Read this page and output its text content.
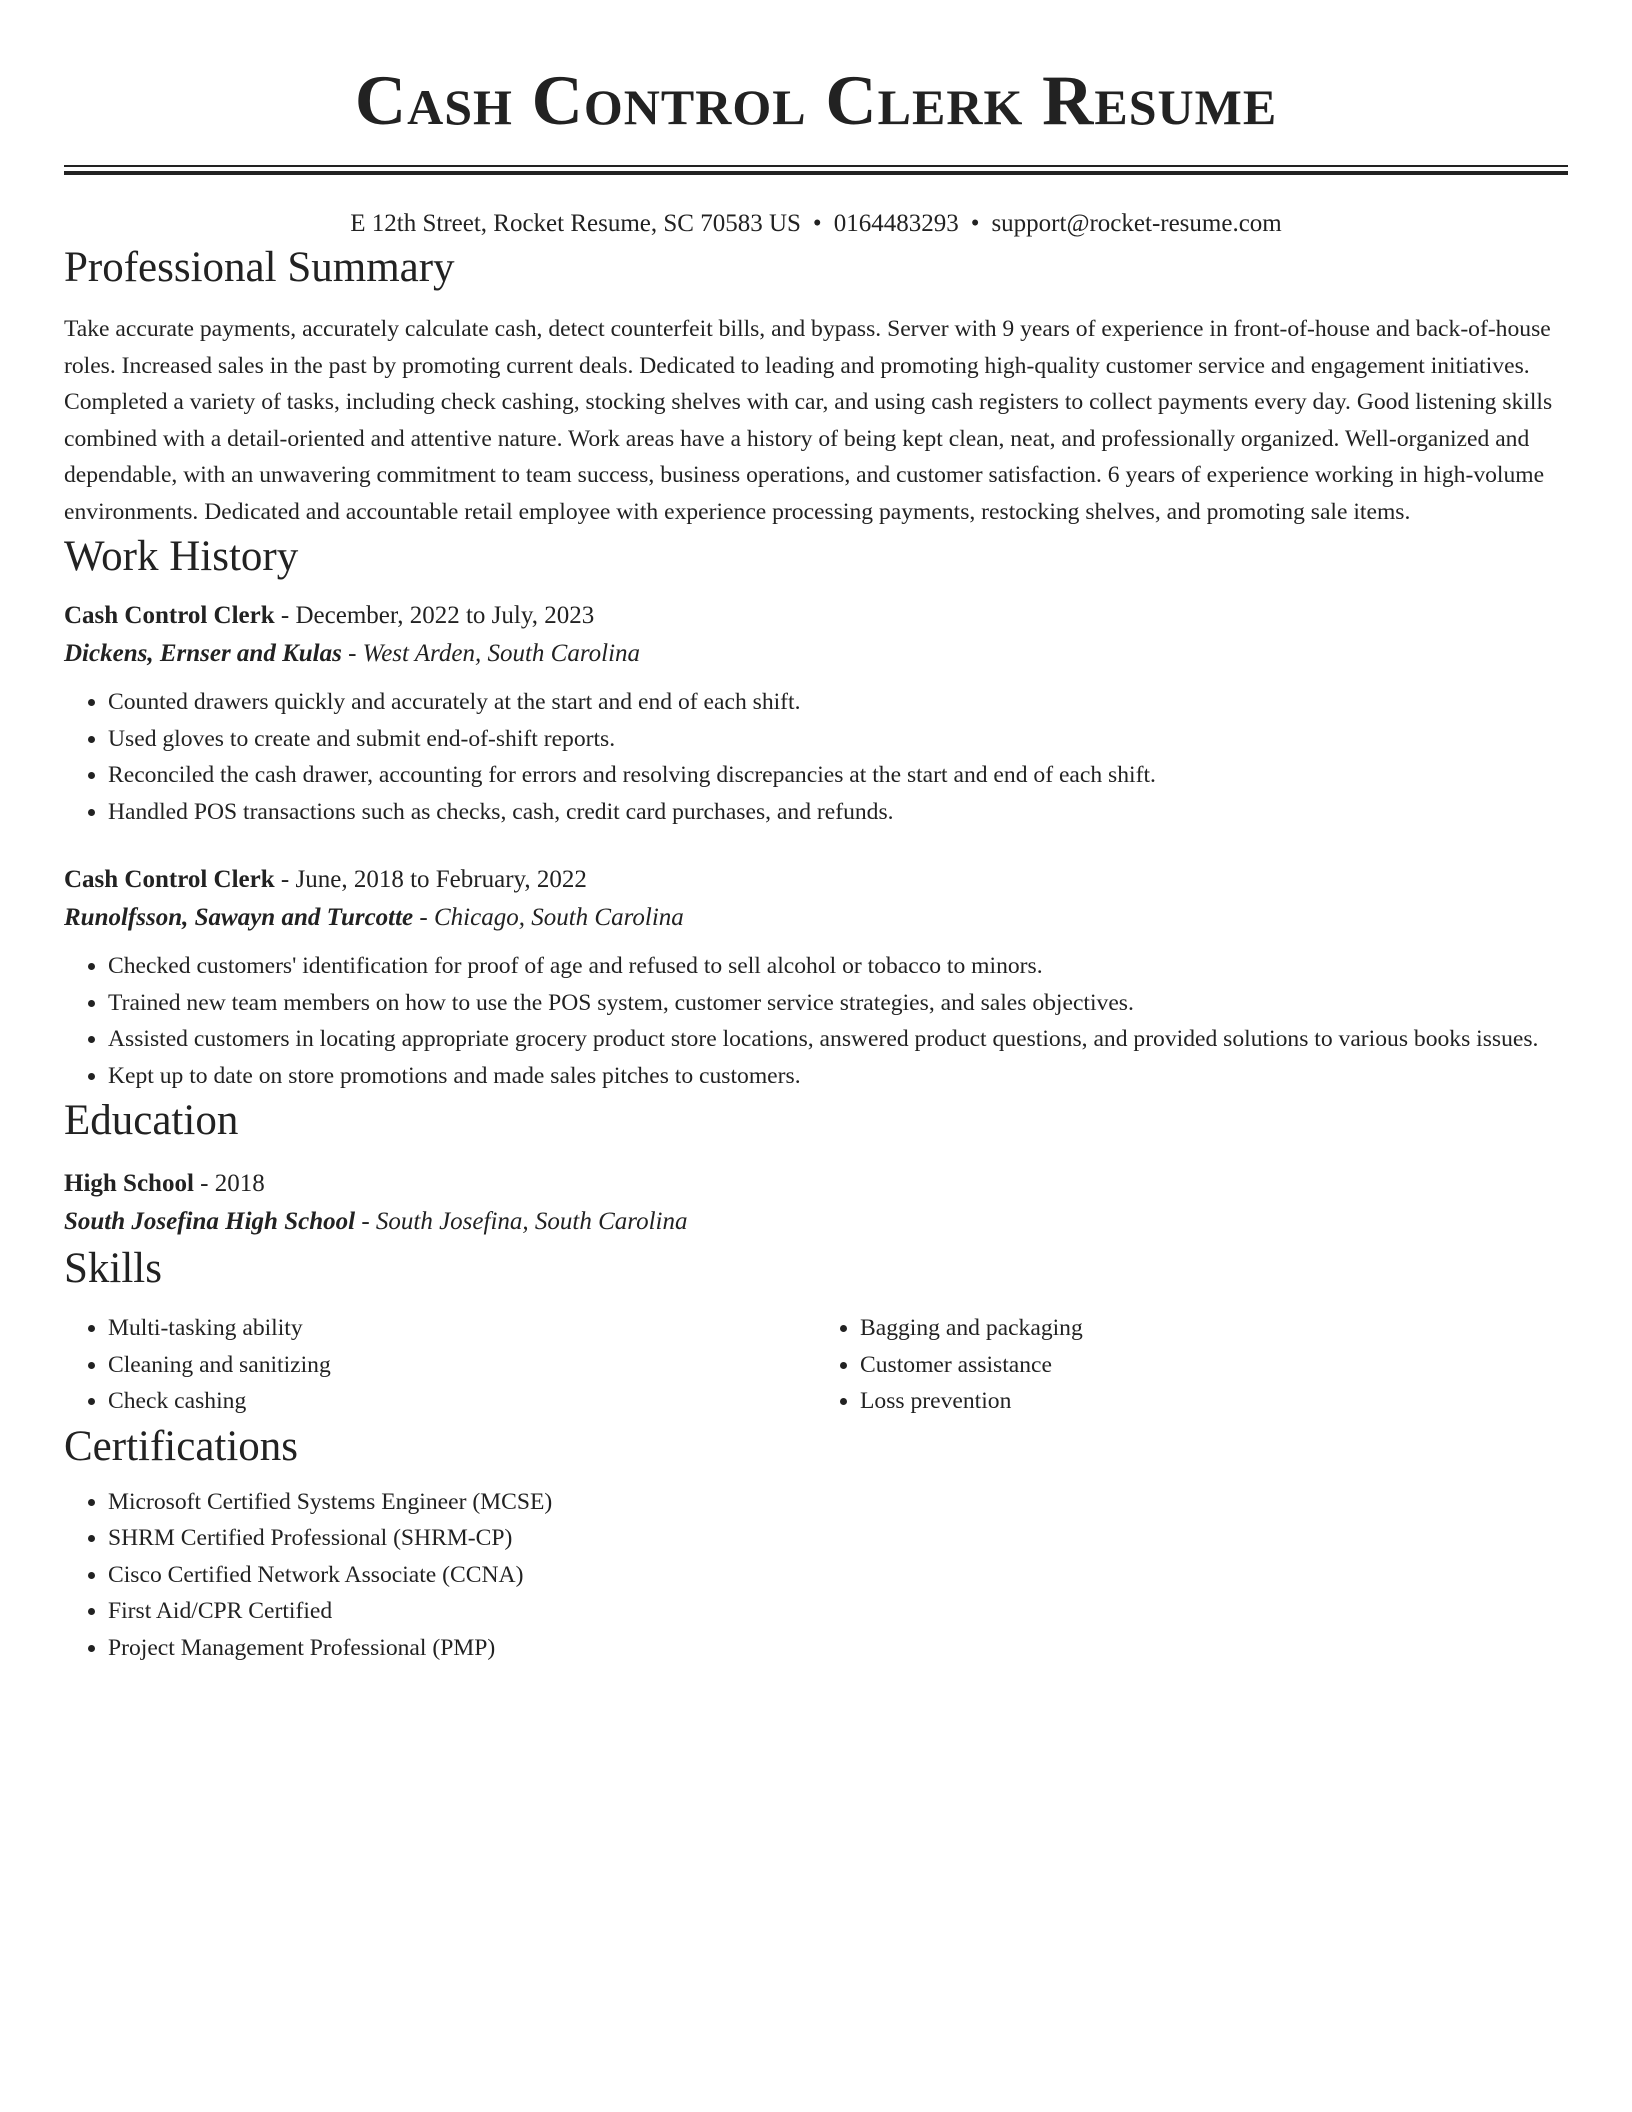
Cash Control Clerk Resume
E 12th Street, Rocket Resume, SC 70583 US • 0164483293 • support@rocket-resume.com
Professional Summary

Take accurate payments, accurately calculate cash, detect counterfeit bills, and bypass. Server with 9 years of experience in front-of-house and back-of-house roles. Increased sales in the past by promoting current deals. Dedicated to leading and promoting high-quality customer service and engagement initiatives. Completed a variety of tasks, including check cashing, stocking shelves with car, and using cash registers to collect payments every day. Good listening skills combined with a detail-oriented and attentive nature. Work areas have a history of being kept clean, neat, and professionally organized. Well-organized and dependable, with an unwavering commitment to team success, business operations, and customer satisfaction. 6 years of experience working in high-volume environments. Dedicated and accountable retail employee with experience processing payments, restocking shelves, and promoting sale items.

Work History
Cash Control Clerk - December, 2022 to July, 2023
Dickens, Ernser and Kulas - West Arden, South Carolina
• Counted drawers quickly and accurately at the start and end of each shift.
• Used gloves to create and submit end-of-shift reports.
• Reconciled the cash drawer, accounting for errors and resolving discrepancies at the start and end of each shift.
• Handled POS transactions such as checks, cash, credit card purchases, and refunds.
Cash Control Clerk - June, 2018 to February, 2022
Runolfsson, Sawayn and Turcotte - Chicago, South Carolina
• Checked customers' identification for proof of age and refused to sell alcohol or tobacco to minors.
• Trained new team members on how to use the POS system, customer service strategies, and sales objectives.
• Assisted customers in locating appropriate grocery product store locations, answered product questions, and provided solutions to various books issues.
• Kept up to date on store promotions and made sales pitches to customers.
Education
High School - 2018
South Josefina High School - South Josefina, South Carolina
Skills
• Multi-tasking ability
• Cleaning and sanitizing
• Check cashing
• Bagging and packaging
• Customer assistance
• Loss prevention
Certifications
• Microsoft Certified Systems Engineer (MCSE)
• SHRM Certified Professional (SHRM-CP)
• Cisco Certified Network Associate (CCNA)
• First Aid/CPR Certified
• Project Management Professional (PMP)
